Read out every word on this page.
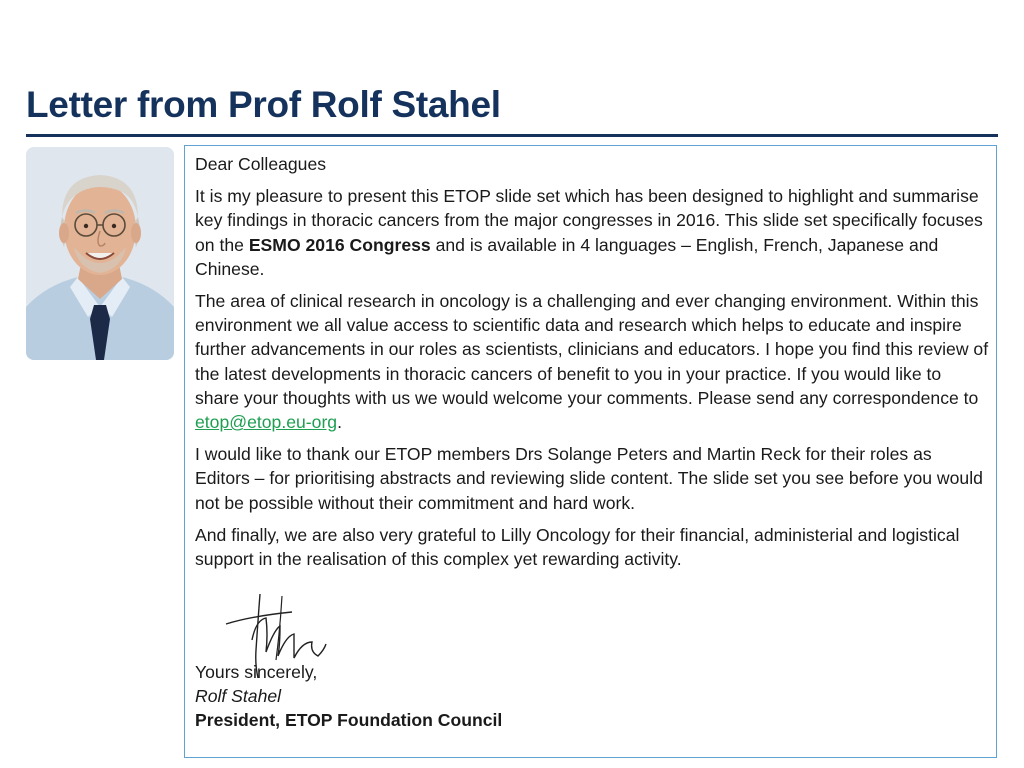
Letter from Prof Rolf Stahel

Dear Colleagues

It is my pleasure to present this ETOP slide set which has been designed to highlight and summarise key findings in thoracic cancers from the major congresses in 2016. This slide set specifically focuses on the ESMO 2016 Congress and is available in 4 languages – English, French, Japanese and Chinese.

The area of clinical research in oncology is a challenging and ever changing environment. Within this environment we all value access to scientific data and research which helps to educate and inspire further advancements in our roles as scientists, clinicians and educators. I hope you find this review of the latest developments in thoracic cancers of benefit to you in your practice. If you would like to share your thoughts with us we would welcome your comments. Please send any correspondence to etop@etop.eu-org.

I would like to thank our ETOP members Drs Solange Peters and Martin Reck for their roles as Editors – for prioritising abstracts and reviewing slide content. The slide set you see before you would not be possible without their commitment and hard work.

And finally, we are also very grateful to Lilly Oncology for their financial, administerial and logistical support in the realisation of this complex yet rewarding activity.

Yours sincerely,
Rolf Stahel
President, ETOP Foundation Council
